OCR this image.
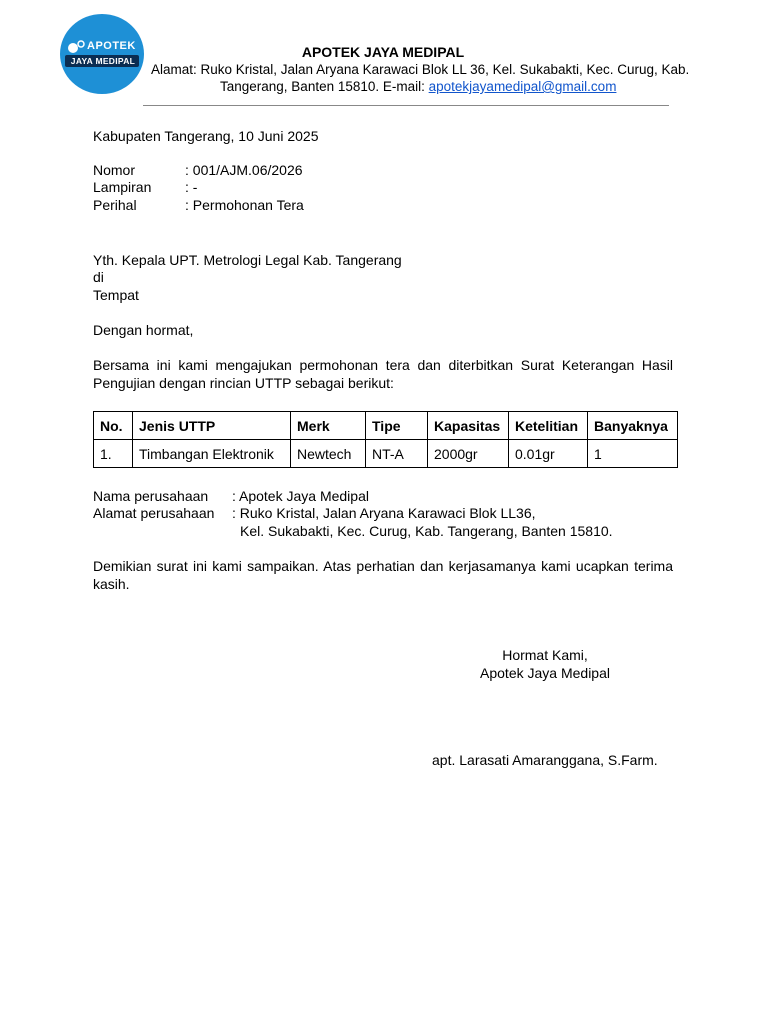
APOTEK
JAYA MEDIPAL
APOTEK JAYA MEDIPAL
Alamat: Ruko Kristal, Jalan Aryana Karawaci Blok LL 36, Kel. Sukabakti, Kec. Curug, Kab.
Tangerang, Banten 15810. E-mail: apotekjayamedipal@gmail.com
Kabupaten Tangerang, 10 Juni 2025
Nomor	: 001/AJM.06/2026
Lampiran	: -
Perihal	: Permohonan Tera
Yth. Kepala UPT. Metrologi Legal Kab. Tangerang
di
Tempat
Dengan hormat,
Bersama ini kami mengajukan permohonan tera dan diterbitkan Surat Keterangan Hasil Pengujian dengan rincian UTTP sebagai berikut:
No.	Jenis UTTP	Merk	Tipe	Kapasitas	Ketelitian	Banyaknya
1.	Timbangan Elektronik	Newtech	NT-A	2000gr	0.01gr	1
Nama perusahaan : Apotek Jaya Medipal
Alamat perusahaan : Ruko Kristal, Jalan Aryana Karawaci Blok LL36,
Kel. Sukabakti, Kec. Curug, Kab. Tangerang, Banten 15810.
Demikian surat ini kami sampaikan. Atas perhatian dan kerjasamanya kami ucapkan terima kasih.
Hormat Kami,
Apotek Jaya Medipal
apt. Larasati Amaranggana, S.Farm.
